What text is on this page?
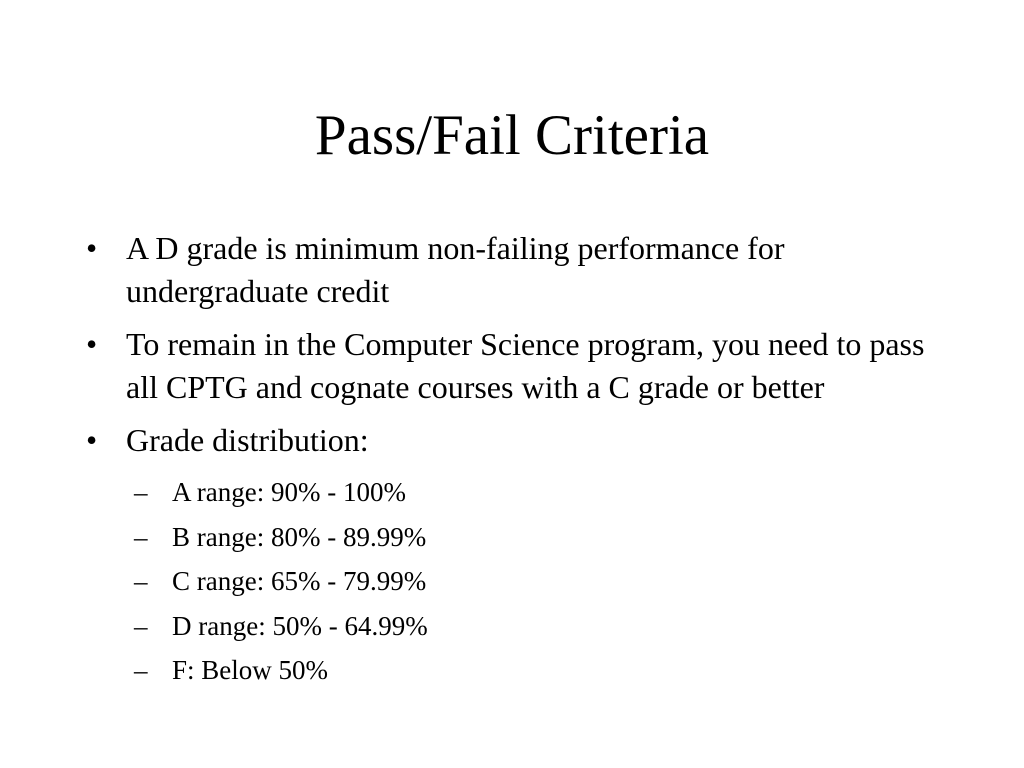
Pass/Fail Criteria
• A D grade is minimum non-failing performance for undergraduate credit
• To remain in the Computer Science program, you need to pass all CPTG and cognate courses with a C grade or better
• Grade distribution:
– A range: 90% - 100%
– B range: 80% - 89.99%
– C range: 65% - 79.99%
– D range: 50% - 64.99%
– F: Below 50%
